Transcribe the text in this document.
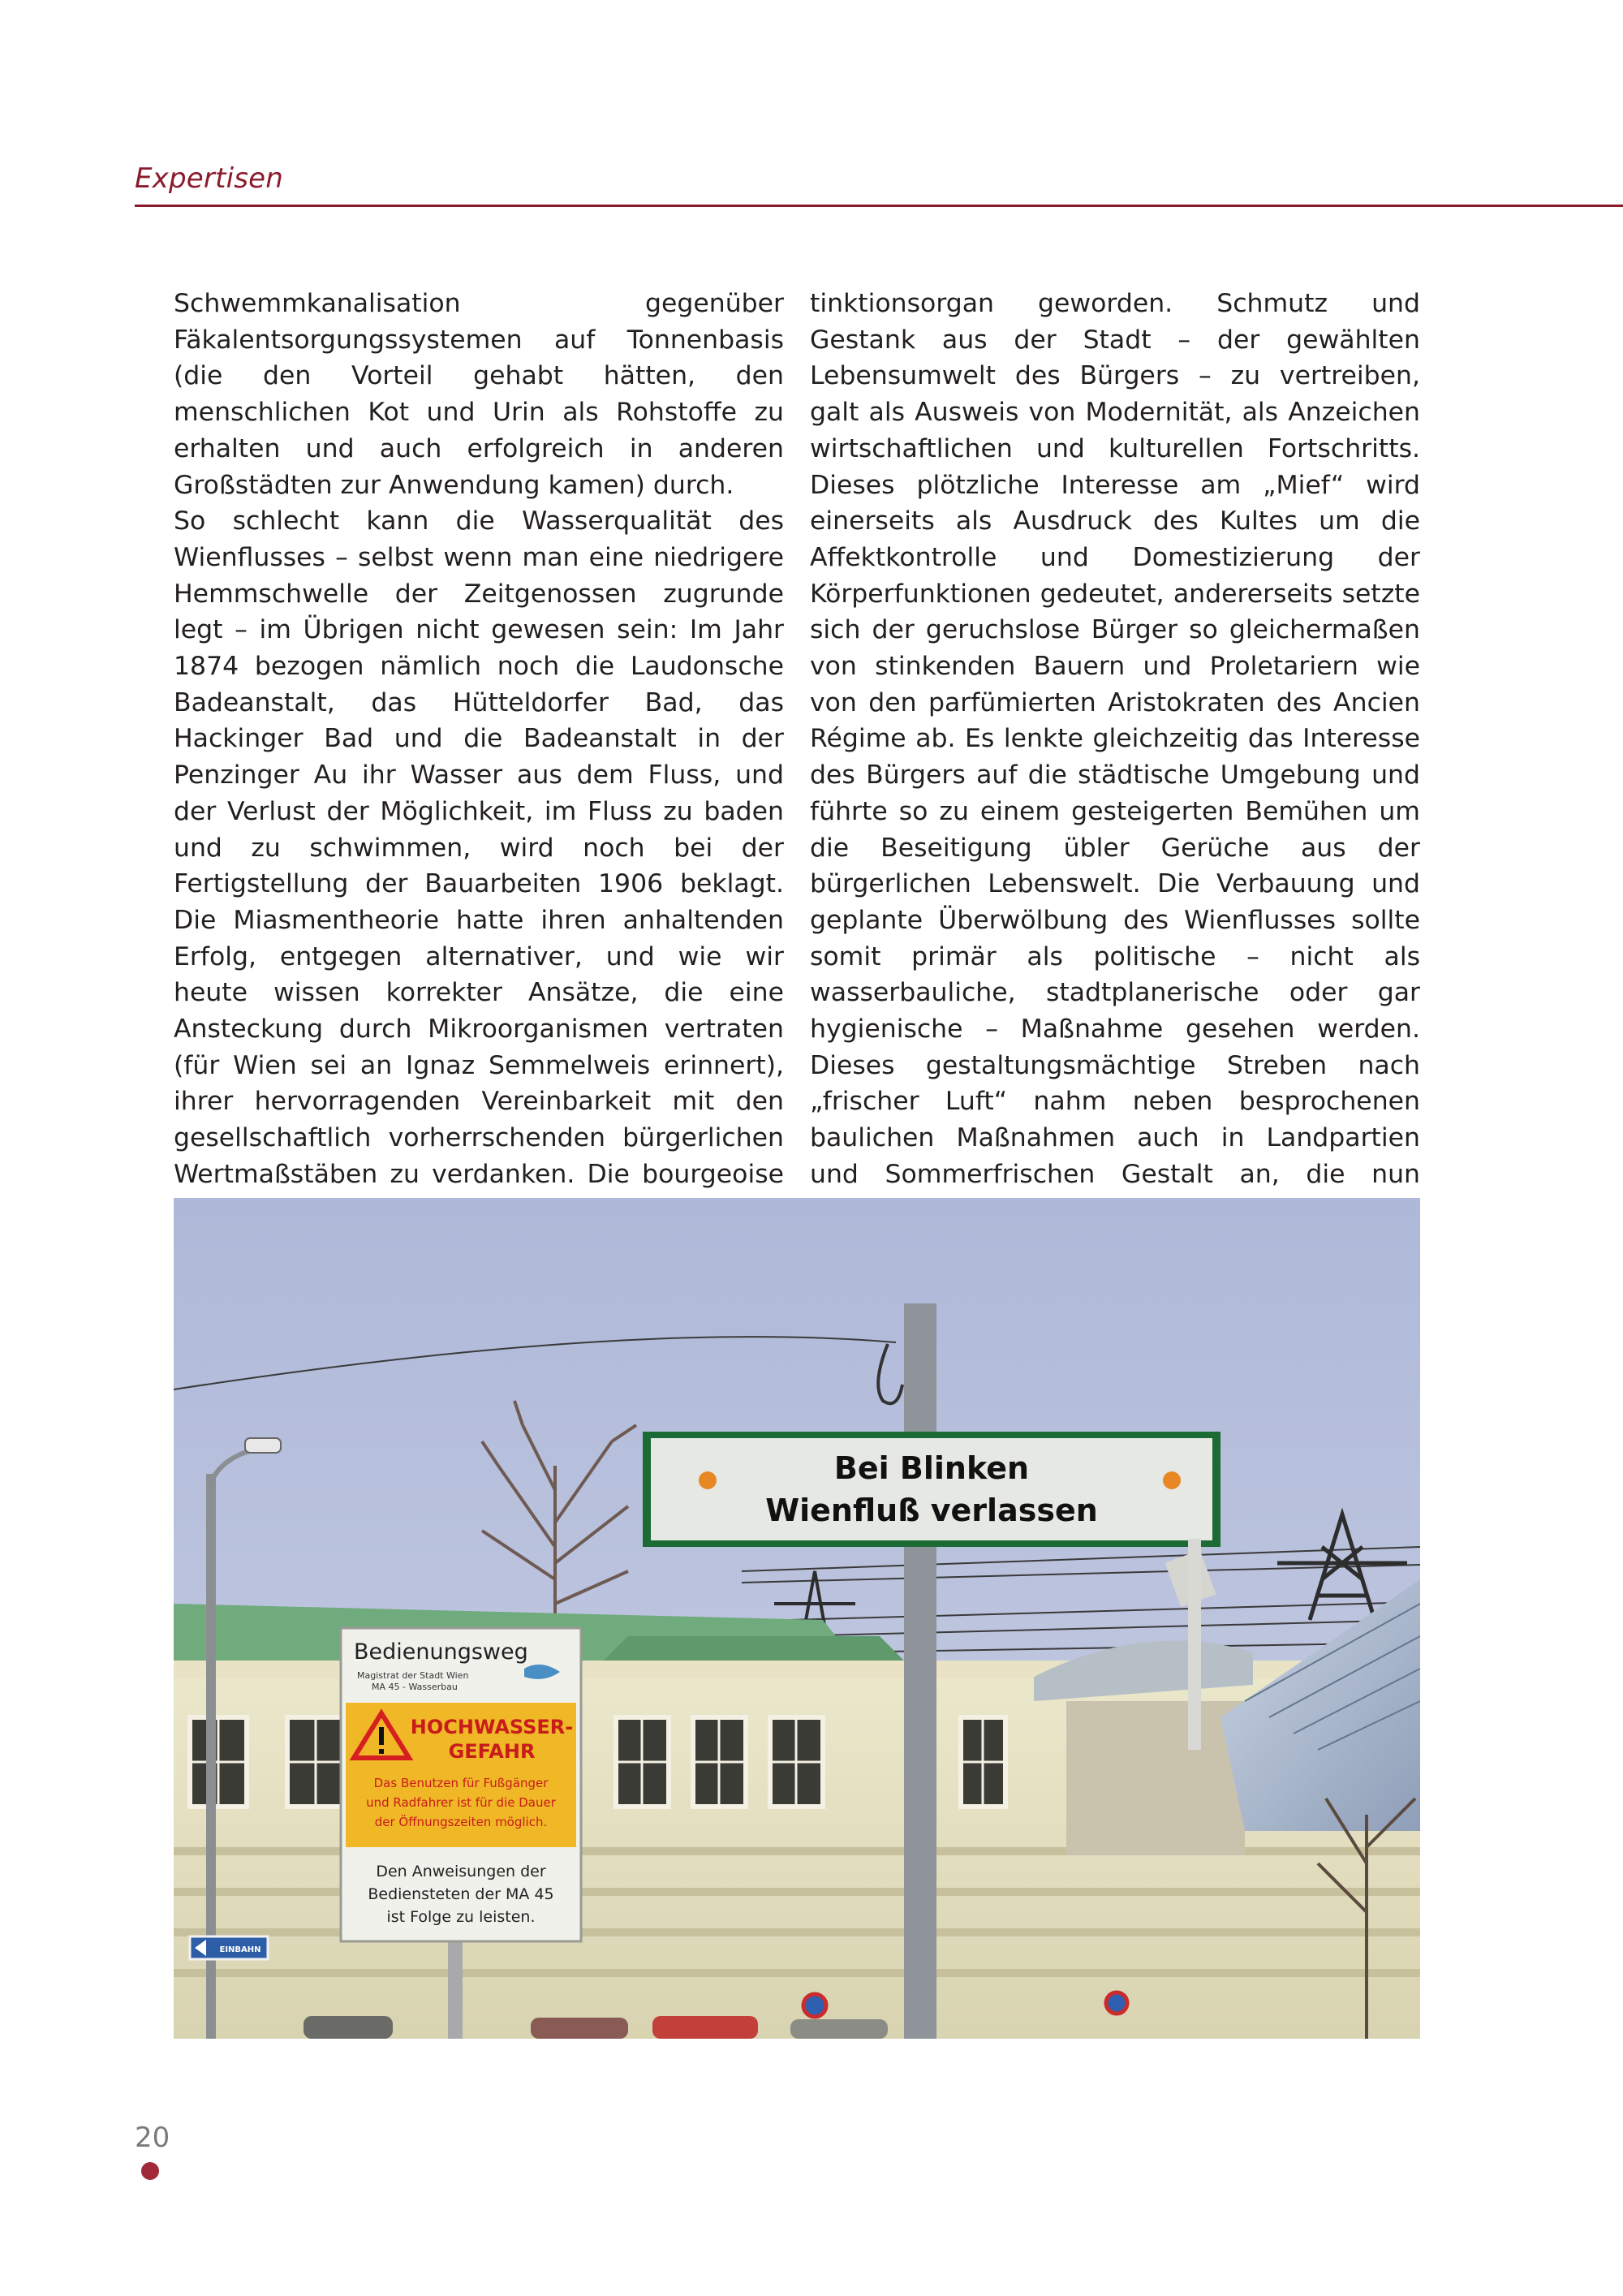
Expertisen

Schwemmkanalisation gegenüber Fäkalentsorgungssystemen auf Tonnenbasis (die den Vorteil gehabt hätten, den menschlichen Kot und Urin als Rohstoffe zu erhalten und auch erfolgreich in anderen Großstädten zur Anwendung kamen) durch.

So schlecht kann die Wasserqualität des Wienflusses – selbst wenn man eine niedrigere Hemmschwelle der Zeitgenossen zugrunde legt – im Übrigen nicht gewesen sein: Im Jahr 1874 bezogen nämlich noch die Laudonsche Badeanstalt, das Hütteldorfer Bad, das Hackinger Bad und die Badeanstalt in der Penzinger Au ihr Wasser aus dem Fluss, und der Verlust der Möglichkeit, im Fluss zu baden und zu schwimmen, wird noch bei der Fertigstellung der Bauarbeiten 1906 beklagt. Die Miasmentheorie hatte ihren anhaltenden Erfolg, entgegen alternativer, und wie wir heute wissen korrekter Ansätze, die eine Ansteckung durch Mikroorganismen vertraten (für Wien sei an Ignaz Semmelweis erinnert), ihrer hervorragenden Vereinbarkeit mit den gesellschaftlich vorherrschenden bürgerlichen Wertmaßstäben zu verdanken. Die bourgeoise

tinktionsorgan geworden. Schmutz und Gestank aus der Stadt – der gewählten Lebensumwelt des Bürgers – zu vertreiben, galt als Ausweis von Modernität, als Anzeichen wirtschaftlichen und kulturellen Fortschritts. Dieses plötzliche Interesse am „Mief“ wird einerseits als Ausdruck des Kultes um die Affektkontrolle und Domestizierung der Körperfunktionen gedeutet, andererseits setzte sich der geruchslose Bürger so gleichermaßen von stinkenden Bauern und Proletariern wie von den parfümierten Aristokraten des Ancien Régime ab. Es lenkte gleichzeitig das Interesse des Bürgers auf die städtische Umgebung und führte so zu einem gesteigerten Bemühen um die Beseitigung übler Gerüche aus der bürgerlichen Lebenswelt. Die Verbauung und geplante Überwölbung des Wienflusses sollte somit primär als politische – nicht als wasserbauliche, stadtplanerische oder gar hygienische – Maßnahme gesehen werden. Dieses gestaltungsmächtige Streben nach „frischer Luft“ nahm neben besprochenen baulichen Maßnahmen auch in Landpartien und Sommerfrischen Gestalt an, die nun

Bei Blinken
Wienfluß verlassen
Bedienungsweg
Magistrat der Stadt Wien
MA 45 - Wasserbau
HOCHWASSER-
GEFAHR
Das Benutzen für Fußgänger
und Radfahrer ist für die Dauer
der Öffnungszeiten möglich.
Den Anweisungen der
Bediensteten der MA 45
ist Folge zu leisten.
EINBAHN
20
